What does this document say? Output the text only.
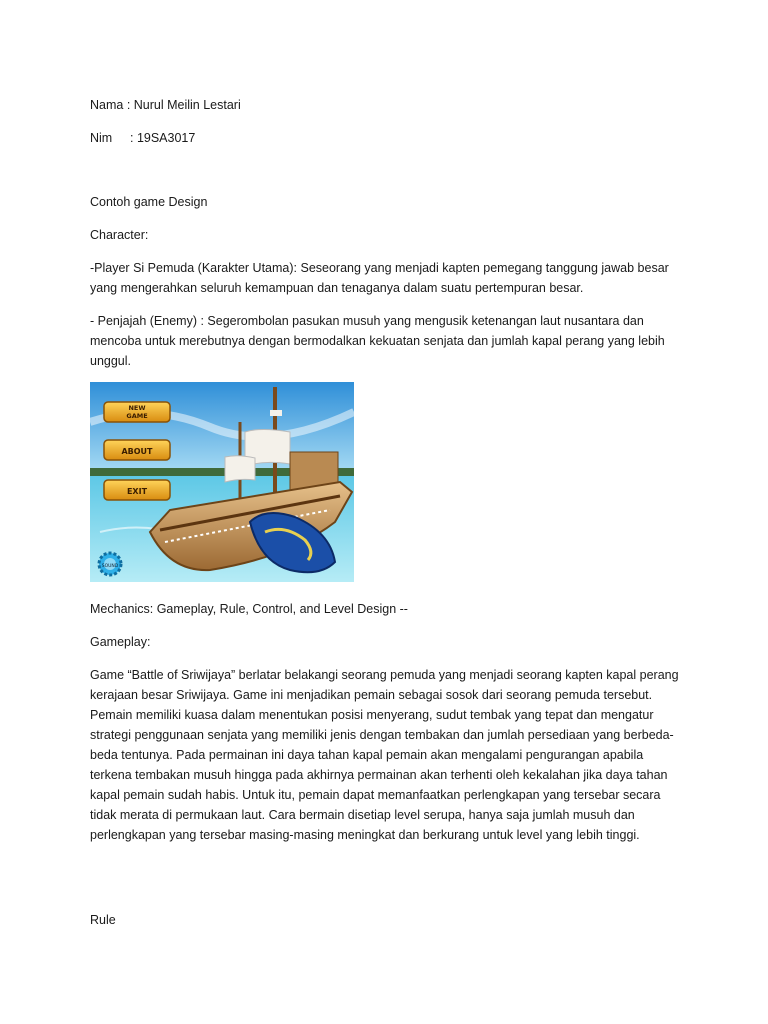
Nama : Nurul Meilin Lestari

Nim : 19SA3017

Contoh game Design

Character:

-Player Si Pemuda (Karakter Utama): Seseorang yang menjadi kapten pemegang tanggung jawab besar yang mengerahkan seluruh kemampuan dan tenaganya dalam suatu pertempuran besar.

- Penjajah (Enemy) : Segerombolan pasukan musuh yang mengusik ketenangan laut nusantara dan mencoba untuk merebutnya dengan bermodalkan kekuatan senjata dan jumlah kapal perang yang lebih unggul.

NEW
GAME
ABOUT
EXIT
SOUND

Mechanics: Gameplay, Rule, Control, and Level Design --

Gameplay:

Game “Battle of Sriwijaya” berlatar belakangi seorang pemuda yang menjadi seorang kapten kapal perang kerajaan besar Sriwijaya. Game ini menjadikan pemain sebagai sosok dari seorang pemuda tersebut. Pemain memiliki kuasa dalam menentukan posisi menyerang, sudut tembak yang tepat dan mengatur strategi penggunaan senjata yang memiliki jenis dengan tembakan dan jumlah persediaan yang berbeda-beda tentunya. Pada permainan ini daya tahan kapal pemain akan mengalami pengurangan apabila terkena tembakan musuh hingga pada akhirnya permainan akan terhenti oleh kekalahan jika daya tahan kapal pemain sudah habis. Untuk itu, pemain dapat memanfaatkan perlengkapan yang tersebar secara tidak merata di permukaan laut. Cara bermain disetiap level serupa, hanya saja jumlah musuh dan perlengkapan yang tersebar masing-masing meningkat dan berkurang untuk level yang lebih tinggi.

Rule
